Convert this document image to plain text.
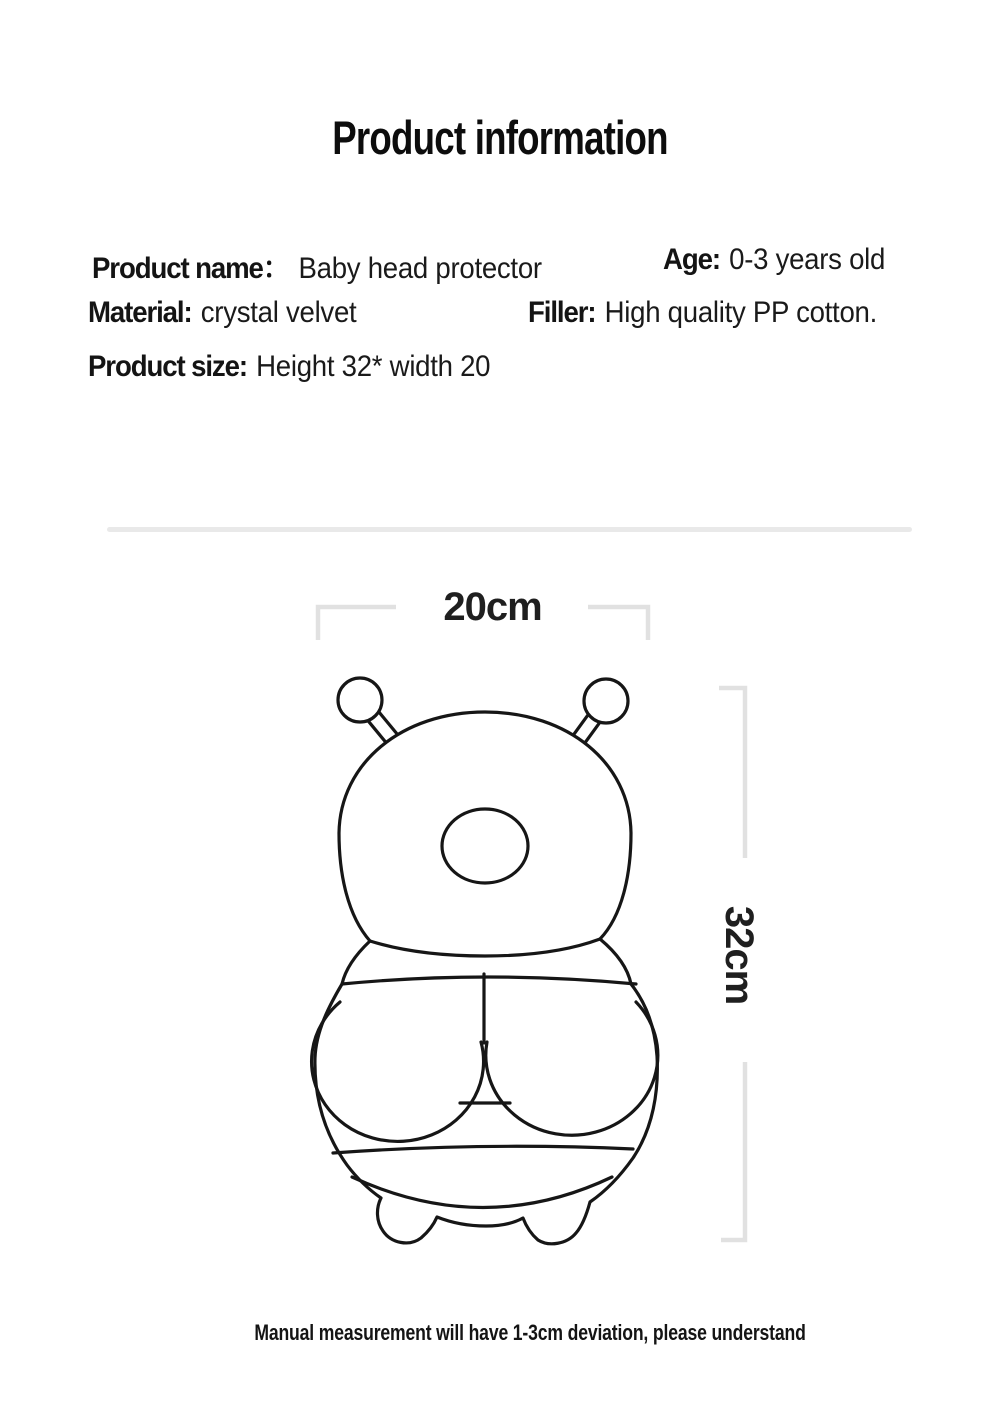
Product information
Product name： Baby head protector	Age: 0-3 years old
Material: crystal velvet	Filler: High quality PP cotton.
Product size: Height 32* width 20
20cm
32cm
Manual measurement will have 1-3cm deviation, please understand
